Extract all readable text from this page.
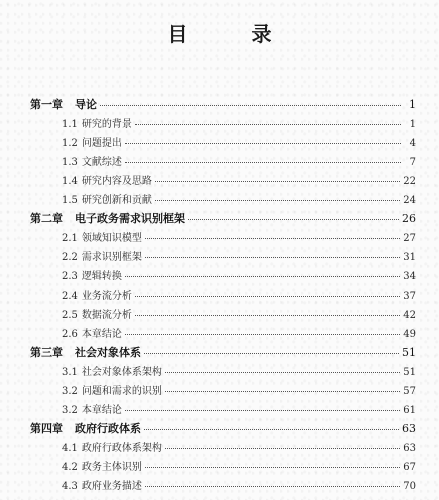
目　录
第一章 导论	1
1.1 研究的背景	1
1.2 问题提出	4
1.3 文献综述	7
1.4 研究内容及思路	22
1.5 研究创新和贡献	24
第二章 电子政务需求识别框架	26
2.1 领域知识模型	27
2.2 需求识别框架	31
2.3 逻辑转换	34
2.4 业务流分析	37
2.5 数据流分析	42
2.6 本章结论	49
第三章 社会对象体系	51
3.1 社会对象体系架构	51
3.2 问题和需求的识别	57
3.2 本章结论	61
第四章 政府行政体系	63
4.1 政府行政体系架构	63
4.2 政务主体识别	67
4.3 政府业务描述	70
